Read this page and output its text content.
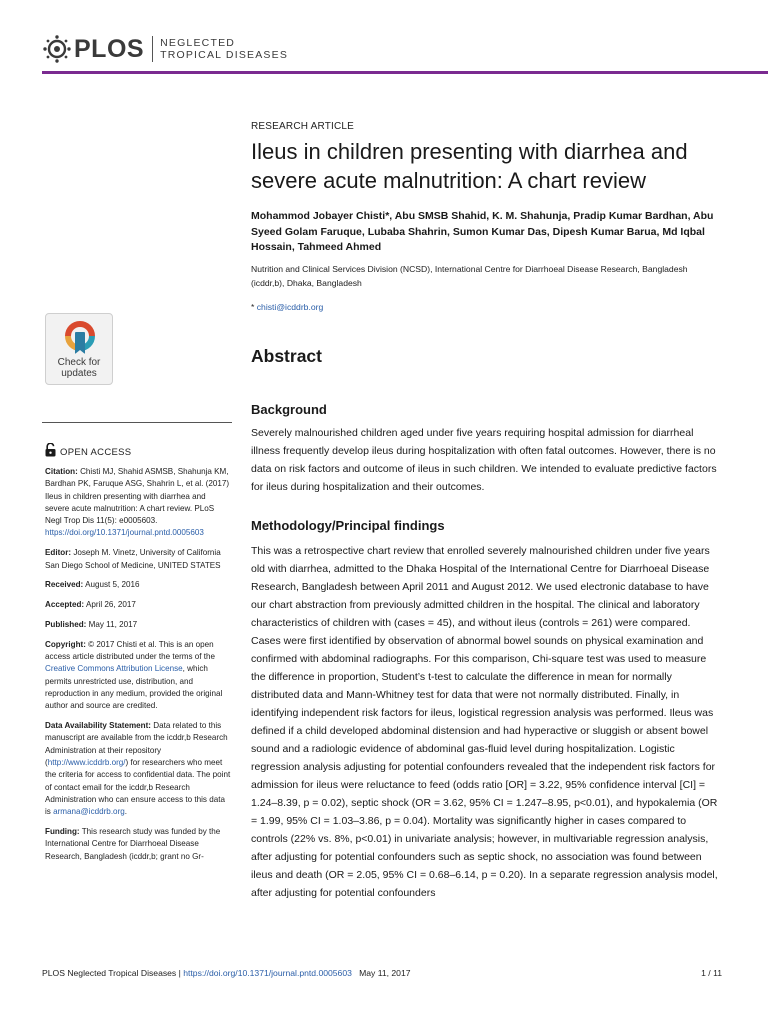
PLOS NEGLECTED
TROPICAL DISEASES
RESEARCH ARTICLE
Ileus in children presenting with diarrhea and severe acute malnutrition: A chart review
Mohammod Jobayer Chisti*, Abu SMSB Shahid, K. M. Shahunja, Pradip Kumar Bardhan, Abu Syeed Golam Faruque, Lubaba Shahrin, Sumon Kumar Das, Dipesh Kumar Barua, Md Iqbal Hossain, Tahmeed Ahmed
Nutrition and Clinical Services Division (NCSD), International Centre for Diarrhoeal Disease Research, Bangladesh (icddr,b), Dhaka, Bangladesh
* chisti@icddrb.org
Check for
updates
OPEN ACCESS

Citation: Chisti MJ, Shahid ASMSB, Shahunja KM, Bardhan PK, Faruque ASG, Shahrin L, et al. (2017) Ileus in children presenting with diarrhea and severe acute malnutrition: A chart review. PLoS Negl Trop Dis 11(5): e0005603. https://doi.org/10.1371/journal.pntd.0005603

Editor: Joseph M. Vinetz, University of California San Diego School of Medicine, UNITED STATES

Received: August 5, 2016

Accepted: April 26, 2017

Published: May 11, 2017

Copyright: © 2017 Chisti et al. This is an open access article distributed under the terms of the Creative Commons Attribution License, which permits unrestricted use, distribution, and reproduction in any medium, provided the original author and source are credited.

Data Availability Statement: Data related to this manuscript are available from the icddr,b Research Administration at their repository (http://www.icddrb.org/) for researchers who meet the criteria for access to confidential data. The point of contact email for the icddr,b Research Administration who can ensure access to this data is armana@icddrb.org.

Funding: This research study was funded by the International Centre for Diarrhoeal Disease Research, Bangladesh (icddr,b; grant no Gr-

Abstract
Background

Severely malnourished children aged under five years requiring hospital admission for diarrheal illness frequently develop ileus during hospitalization with often fatal outcomes. However, there is no data on risk factors and outcome of ileus in such children. We intended to evaluate predictive factors for ileus during hospitalization and their outcomes.

Methodology/Principal findings

This was a retrospective chart review that enrolled severely malnourished children under five years old with diarrhea, admitted to the Dhaka Hospital of the International Centre for Diarrhoeal Disease Research, Bangladesh between April 2011 and August 2012. We used electronic database to have our chart abstraction from previously admitted children in the hospital. The clinical and laboratory characteristics of children with (cases = 45), and without ileus (controls = 261) were compared. Cases were first identified by observation of abnormal bowel sounds on physical examination and confirmed with abdominal radiographs. For this comparison, Chi-square test was used to measure the difference in proportion, Student’s t-test to calculate the difference in mean for normally distributed data and Mann-Whitney test for data that were not normally distributed. Finally, in identifying independent risk factors for ileus, logistical regression analysis was performed. Ileus was defined if a child developed abdominal distension and had hyperactive or sluggish or absent bowel sound and a radiologic evidence of abdominal gas-fluid level during hospitalization. Logistic regression analysis adjusting for potential confounders revealed that the independent risk factors for admission for ileus were reluctance to feed (odds ratio [OR] = 3.22, 95% confidence interval [CI] = 1.24–8.39, p = 0.02), septic shock (OR = 3.62, 95% CI = 1.247–8.95, p<0.01), and hypokalemia (OR = 1.99, 95% CI = 1.03–3.86, p = 0.04). Mortality was significantly higher in cases compared to controls (22% vs. 8%, p<0.01) in univariate analysis; however, in multivariable regression analysis, after adjusting for potential confounders such as septic shock, no association was found between ileus and death (OR = 2.05, 95% CI = 0.68–6.14, p = 0.20). In a separate regression analysis model, after adjusting for potential confounders

PLOS Neglected Tropical Diseases | https://doi.org/10.1371/journal.pntd.0005603 May 11, 2017	1 / 11
